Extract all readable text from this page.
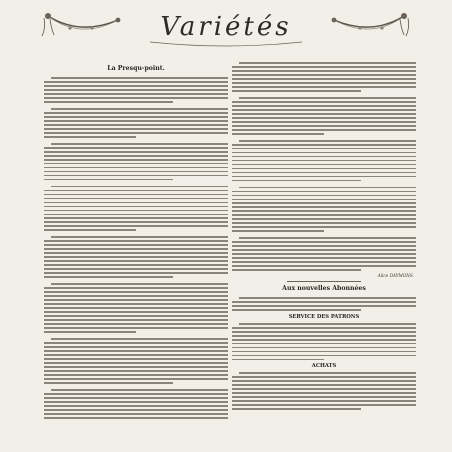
Variétés
La Presqu-point.
Alice DAYMONS.
Aux nouvelles Abonnées
SERVICE DES PATRONS
ACHATS
